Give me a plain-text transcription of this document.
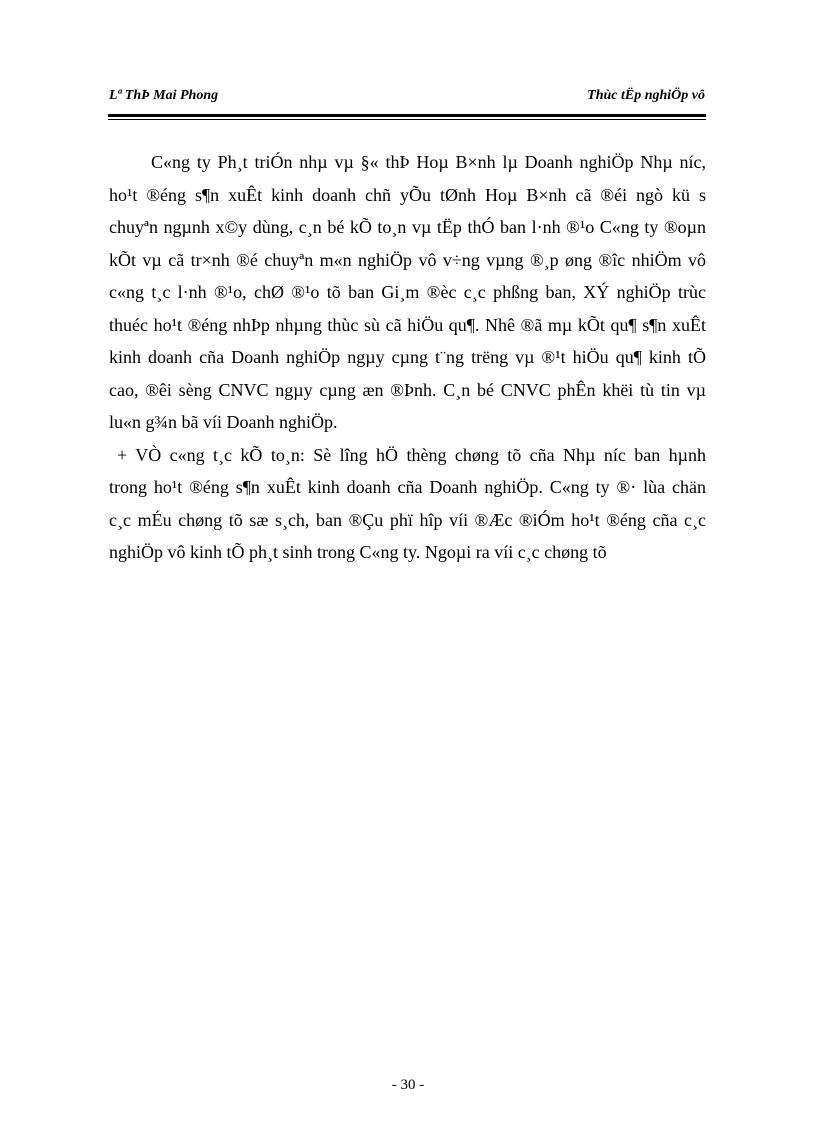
Lª ThÞ Mai Phong	Thùc tËp nghiÖp vô
C«ng ty Ph¸t triÓn nhµ vµ §« thÞ Hoµ B×nh lµ Doanh nghiÖp Nhµ níc,
ho¹t ®éng s¶n xuÊt kinh doanh chñ yÕu tØnh Hoµ B×nh cã ®éi ngò kü s
chuyªn ngµnh x©y dùng, c¸n bé kÕ to¸n vµ tËp thÓ ban l·nh ®¹o C«ng ty ®oµn
kÕt vµ cã tr×nh ®é chuyªn m«n nghiÖp vô v÷ng vµng ®¸p øng ®îc nhiÖm vô
c«ng t¸c l·nh ®¹o, chØ ®¹o tõ ban Gi¸m ®èc c¸c phßng ban, XÝ nghiÖp trùc
thuéc ho¹t ®éng nhÞp nhµng thùc sù cã hiÖu qu¶. Nhê ®ã mµ kÕt qu¶ s¶n xuÊt
kinh doanh cña Doanh nghiÖp ngµy cµng t¨ng trëng vµ ®¹t hiÖu qu¶ kinh tÕ
cao, ®êi sèng CNVC ngµy cµng æn ®Þnh. C¸n bé CNVC phÊn khëi tù tin vµ
lu«n g¾n bã víi Doanh nghiÖp.
+ VÒ c«ng t¸c kÕ to¸n: Sè lîng hÖ thèng chøng tõ cña Nhµ níc ban hµnh
trong ho¹t ®éng s¶n xuÊt kinh doanh cña Doanh nghiÖp. C«ng ty ®· lùa chän
c¸c mÉu chøng tõ sæ s¸ch, ban ®Çu phï hîp víi ®Æc ®iÓm ho¹t ®éng cña c¸c
nghiÖp vô kinh tÕ ph¸t sinh trong C«ng ty. Ngoµi ra víi c¸c chøng tõ
- 30 -
